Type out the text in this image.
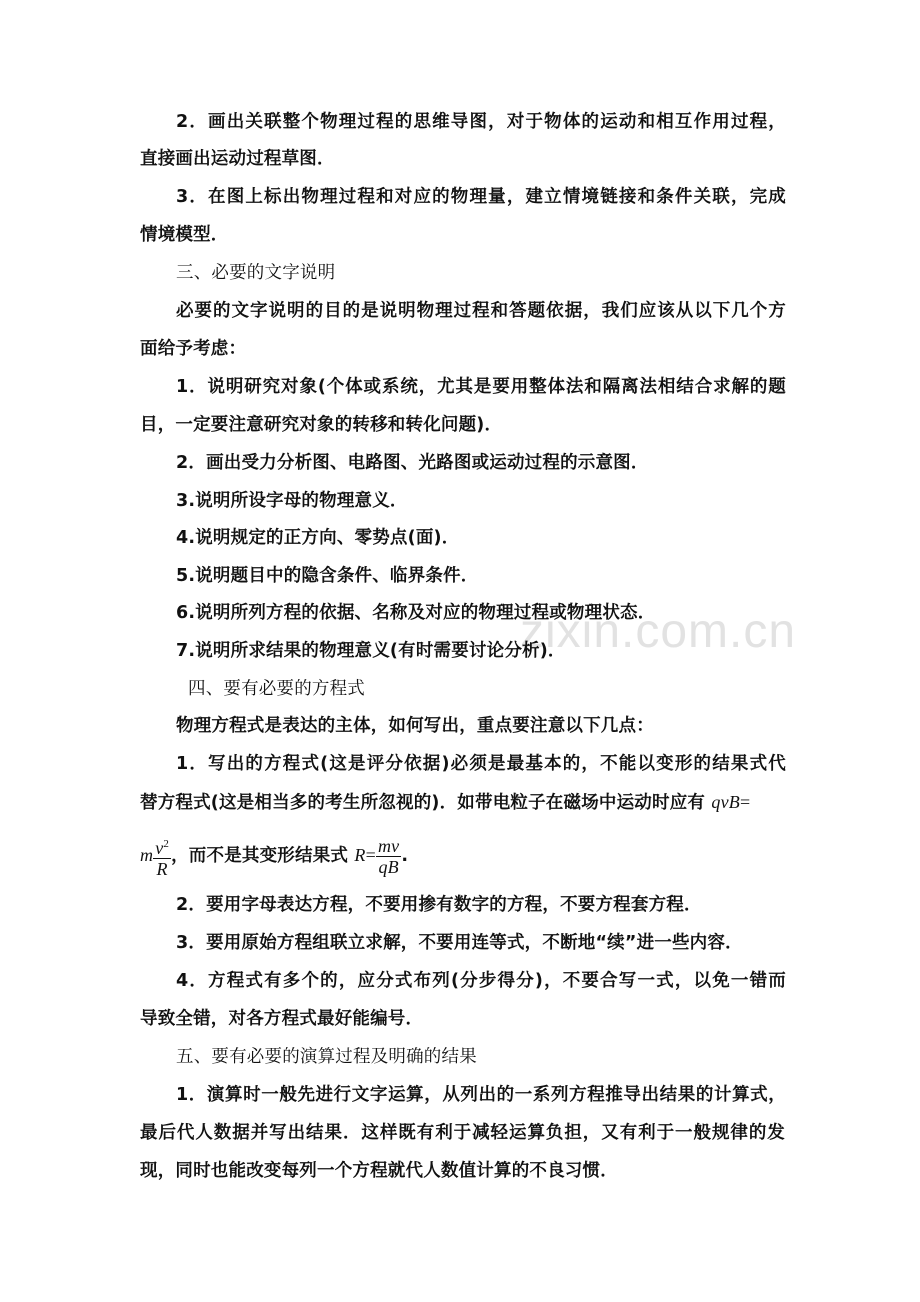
zixin.com.cn
2．画出关联整个物理过程的思维导图，对于物体的运动和相互作用过程，
直接画出运动过程草图．
3．在图上标出物理过程和对应的物理量，建立情境链接和条件关联，完成
情境模型．
三、必要的文字说明
必要的文字说明的目的是说明物理过程和答题依据，我们应该从以下几个方
面给予考虑：
1．说明研究对象(个体或系统，尤其是要用整体法和隔离法相结合求解的题
目，一定要注意研究对象的转移和转化问题)．
2．画出受力分析图、电路图、光路图或运动过程的示意图．
3.说明所设字母的物理意义．
4.说明规定的正方向、零势点(面)．
5.说明题目中的隐含条件、临界条件．
6.说明所列方程的依据、名称及对应的物理过程或物理状态．
7.说明所求结果的物理意义(有时需要讨论分析)．
四、要有必要的方程式
物理方程式是表达的主体，如何写出，重点要注意以下几点：
1．写出的方程式(这是评分依据)必须是最基本的，不能以变形的结果式代
替方程式(这是相当多的考生所忽视的)．如带电粒子在磁场中运动时应有 qvB=
m $\frac{v^2}{R}$ ，而不是其变形结果式 $R= \frac{mv}{qB}$ .
2．要用字母表达方程，不要用掺有数字的方程，不要方程套方程．
3．要用原始方程组联立求解，不要用连等式，不断地“续”进一些内容．
4．方程式有多个的，应分式布列(分步得分)，不要合写一式，以免一错而
导致全错，对各方程式最好能编号．
五、要有必要的演算过程及明确的结果
1．演算时一般先进行文字运算，从列出的一系列方程推导出结果的计算式，
最后代人数据并写出结果．这样既有利于减轻运算负担，又有利于一般规律的发
现，同时也能改变每列一个方程就代人数值计算的不良习惯．
